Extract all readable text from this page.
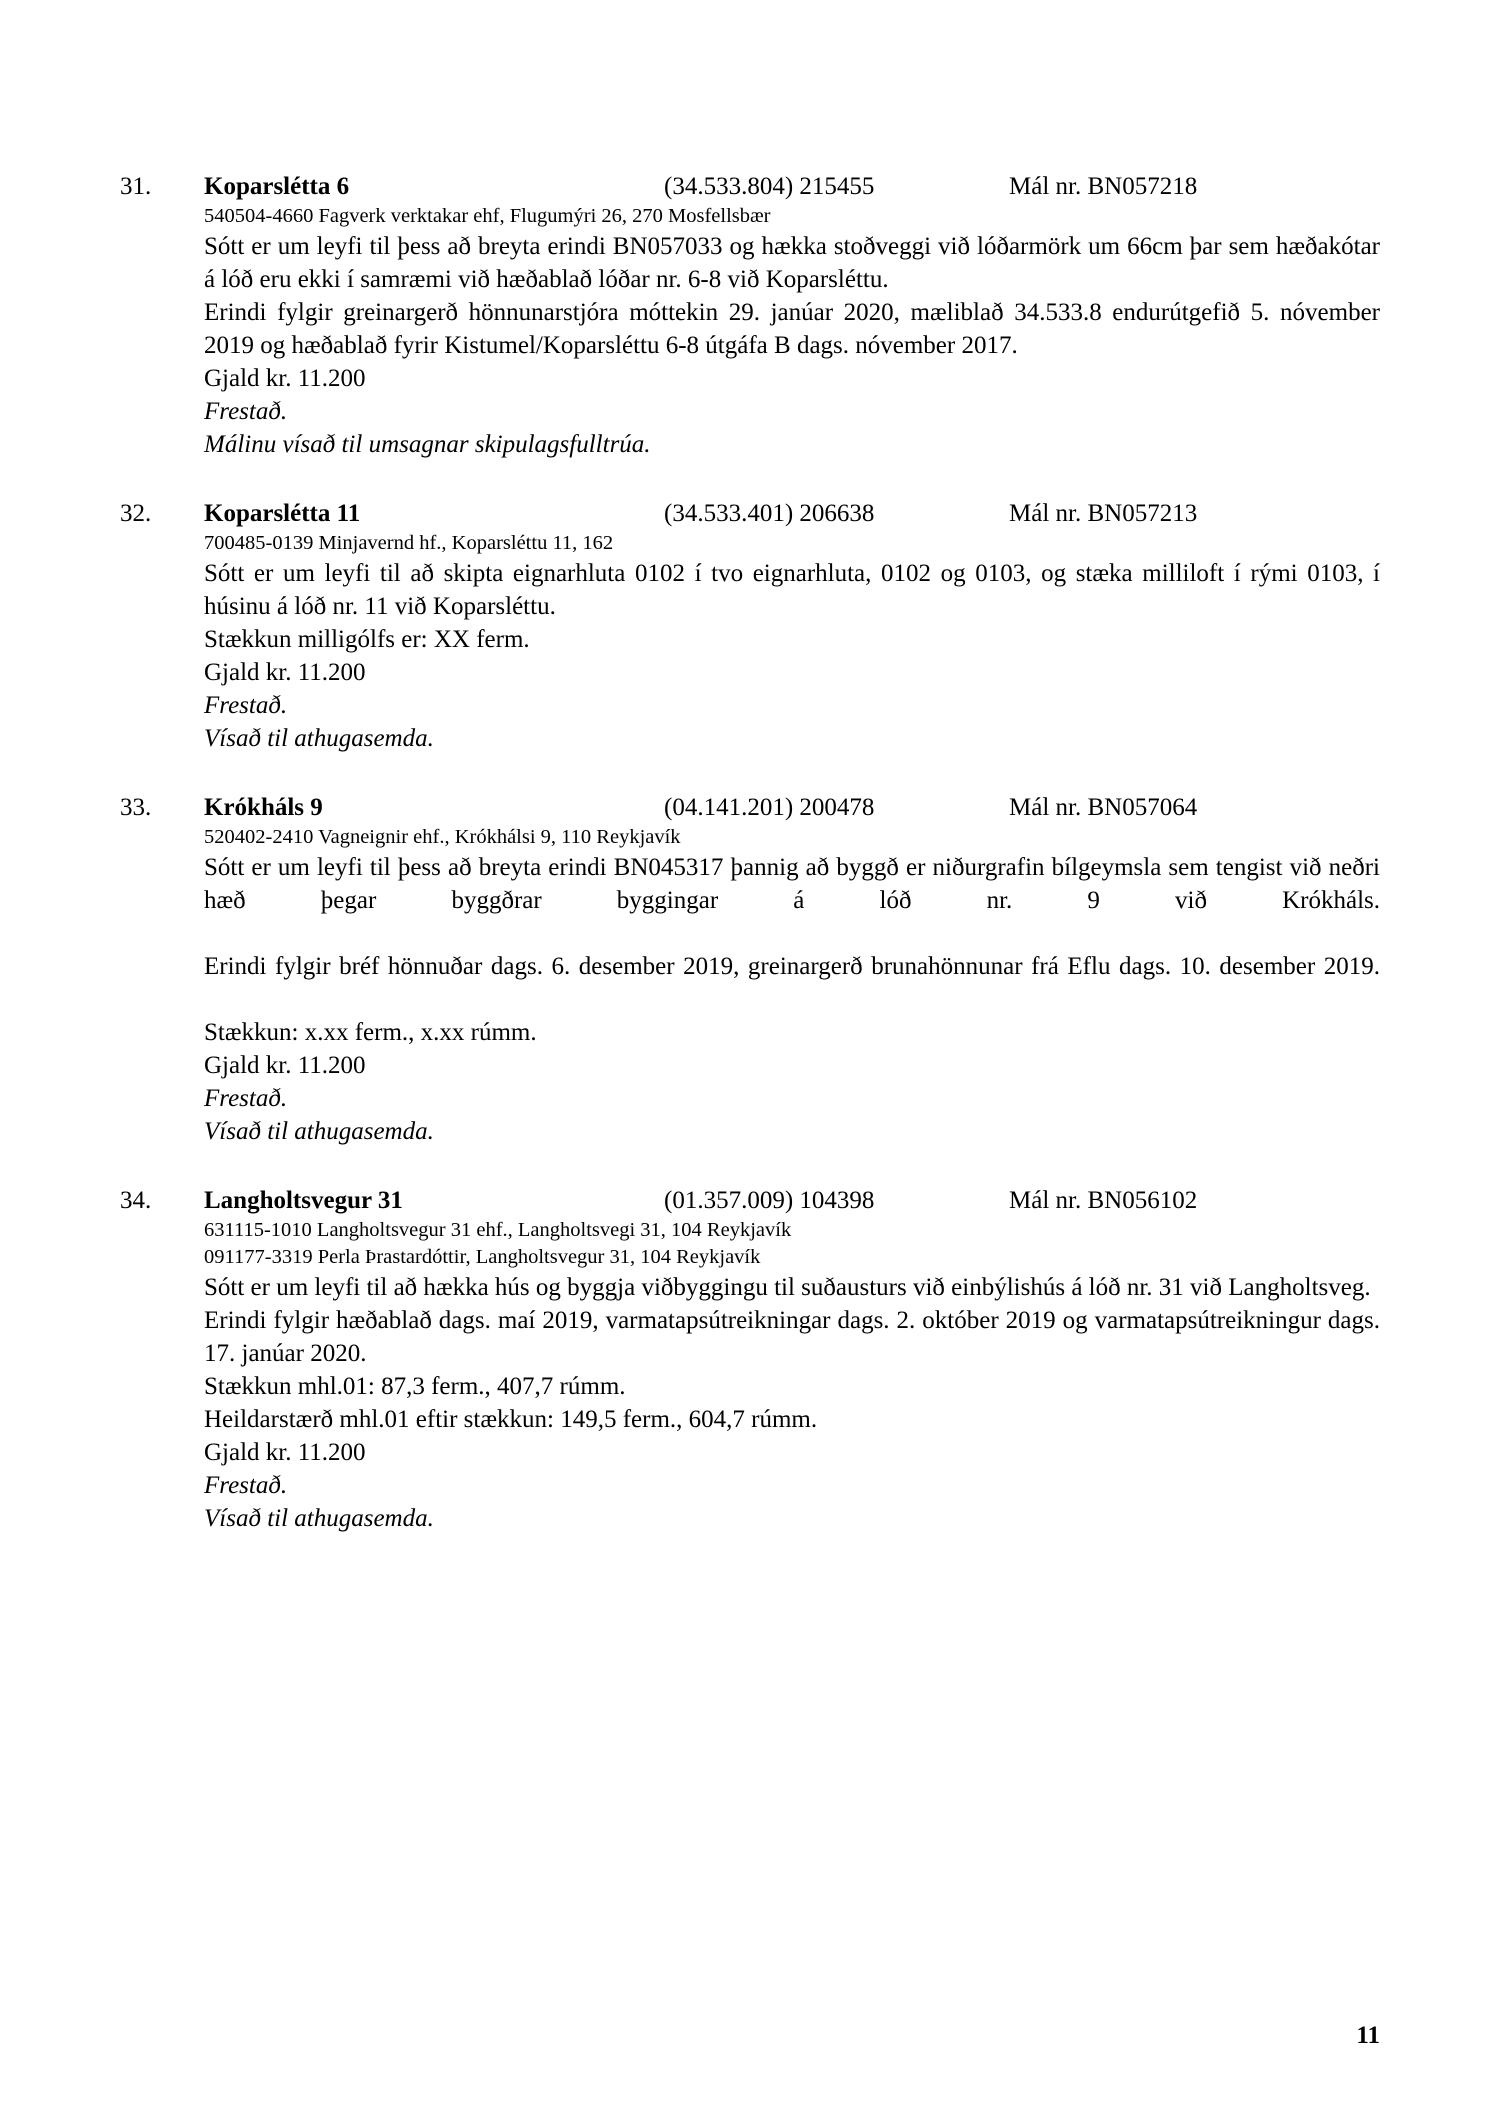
31.	Koparslétta 6	(34.533.804) 215455	Mál nr. BN057218
540504-4660 Fagverk verktakar ehf, Flugumýri 26, 270 Mosfellsbær
Sótt er um leyfi til þess að breyta erindi BN057033 og hækka stoðveggi við lóðarmörk um 66cm þar sem hæðakótar á lóð eru ekki í samræmi við hæðablað lóðar nr. 6-8 við Koparsléttu.
Erindi fylgir greinargerð hönnunarstjóra móttekin 29. janúar 2020, mæliblað 34.533.8 endurútgefið 5. nóvember 2019 og hæðablað fyrir Kistumel/Koparsléttu 6-8 útgáfa B dags. nóvember 2017.
Gjald kr. 11.200
Frestað.
Málinu vísað til umsagnar skipulagsfulltrúa.
32.	Koparslétta 11	(34.533.401) 206638	Mál nr. BN057213
700485-0139 Minjavernd hf., Koparsléttu 11, 162
Sótt er um leyfi til að skipta eignarhluta 0102 í tvo eignarhluta, 0102 og 0103, og stæka milliloft í rými 0103, í húsinu á lóð nr. 11 við Koparsléttu.
Stækkun milligólfs er: XX ferm.
Gjald kr. 11.200
Frestað.
Vísað til athugasemda.
33.	Krókháls 9	(04.141.201) 200478	Mál nr. BN057064
520402-2410 Vagneignir ehf., Krókhálsi 9, 110 Reykjavík
Sótt er um leyfi til þess að breyta erindi BN045317 þannig að byggð er niðurgrafin bílgeymsla sem tengist við neðri hæð þegar byggðrar byggingar á lóð nr. 9 við Krókháls.
Erindi fylgir bréf hönnuðar dags. 6. desember 2019, greinargerð brunahönnunar frá Eflu dags. 10. desember 2019.
Stækkun: x.xx ferm., x.xx rúmm.
Gjald kr. 11.200
Frestað.
Vísað til athugasemda.
34.	Langholtsvegur 31	(01.357.009) 104398	Mál nr. BN056102
631115-1010 Langholtsvegur 31 ehf., Langholtsvegi 31, 104 Reykjavík
091177-3319 Perla Þrastardóttir, Langholtsvegur 31, 104 Reykjavík
Sótt er um leyfi til að hækka hús og byggja viðbyggingu til suðausturs við einbýlishús á lóð nr. 31 við Langholtsveg.
Erindi fylgir hæðablað dags. maí 2019, varmatapsútreikningar dags. 2. október 2019 og varmatapsútreikningur dags. 17. janúar 2020.
Stækkun mhl.01: 87,3 ferm., 407,7 rúmm.
Heildarstærð mhl.01 eftir stækkun: 149,5 ferm., 604,7 rúmm.
Gjald kr. 11.200
Frestað.
Vísað til athugasemda.
11
